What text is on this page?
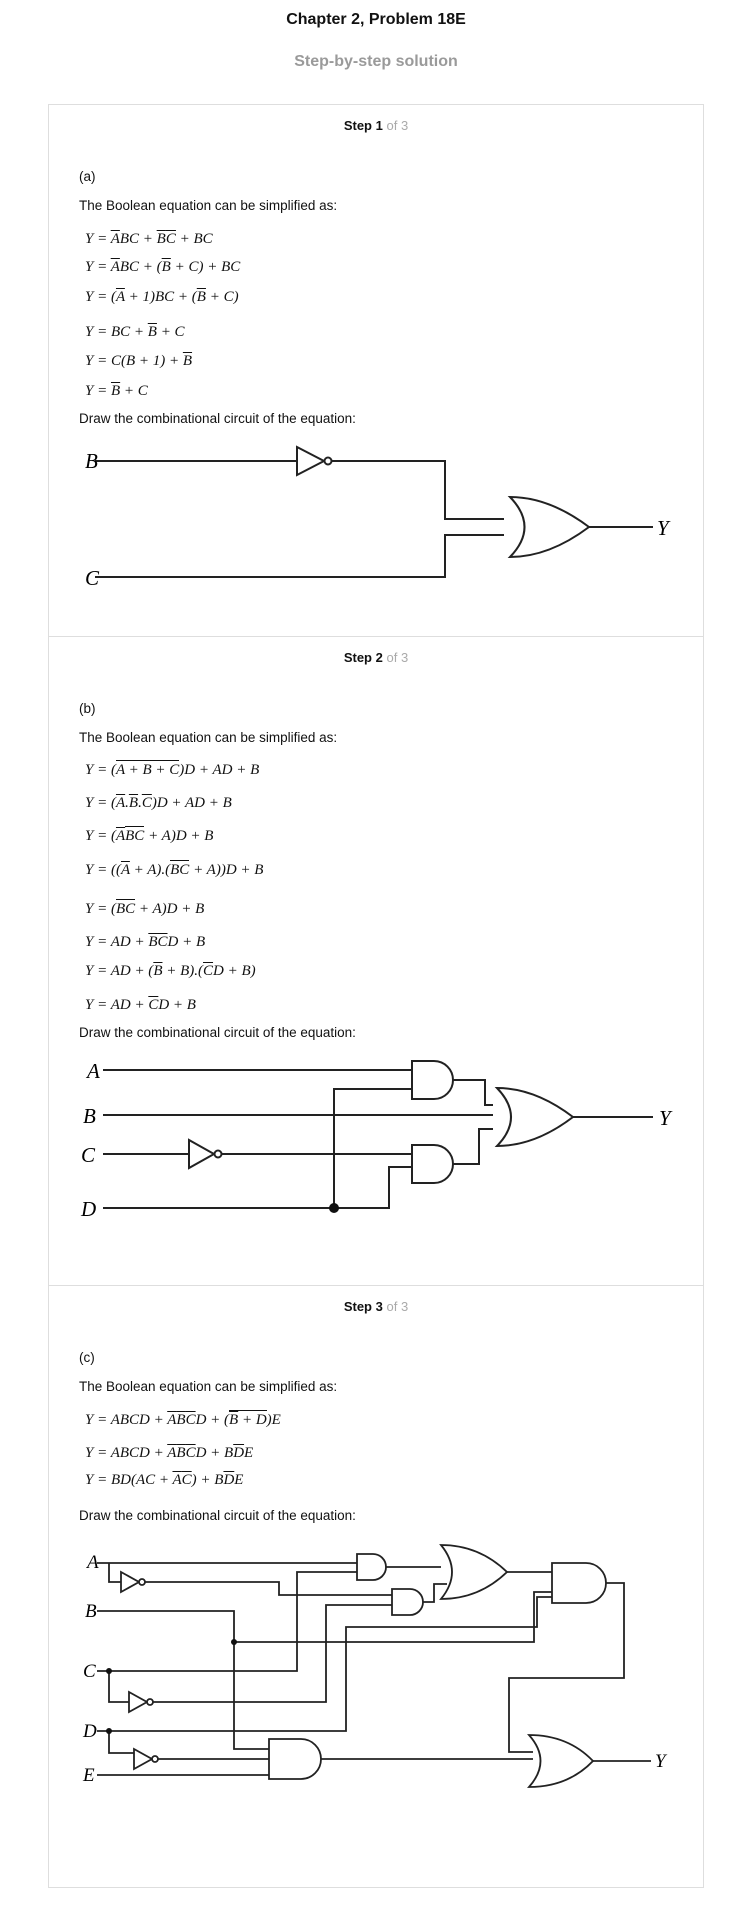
Chapter 2, Problem 18E
Step-by-step solution
Step 1 of 3
(a)
The Boolean equation can be simplified as:
$Y = \overline{A}BC$ + BC + BC
$Y = \overline{A}BC + (\overline{B} + C)$ + BC
$Y = (\overline{A} + 1)BC + (\overline{B} + C)$
Y = BC + $\overline{B} + C$
$Y = C(B + 1) + \overline{B}$
$Y = \overline{B} + C$
Draw the combinational circuit of the equation:
B
C
Y
Step 2 of 3
(b)
The Boolean equation can be simplified as:
Y = (A + B + C)D + AD + B
$Y = (\overline{A}.\overline{B}.\overline{C})D$ + AD + B
$Y = (\overline{A}BC + A)D + B$
$Y = ((\overline{A} + A).(BC + A))D + B$
Y = (BC + A)D + B
Y = AD + $\overline{B}\overline{C}D + B$
Y = AD + $(\overline{B} + B).(\overline{C}D + B)$
Y = AD + $\overline{C}D + B$
Draw the combinational circuit of the equation:
A
B
C
D
Y
Step 3 of 3
(c)
The Boolean equation can be simplified as:
Y = ABCD + $\overline{A}\overline{B}\overline{C}D + (\overline{B} + D)E$
Y = ABCD + $\overline{A}\overline{B}\overline{C}D + B\overline{D}E$
$Y = BD(AC + \overline{A}\overline{C}) + B\overline{D}E$
Draw the combinational circuit of the equation:
A
B
C
D
E
Y
